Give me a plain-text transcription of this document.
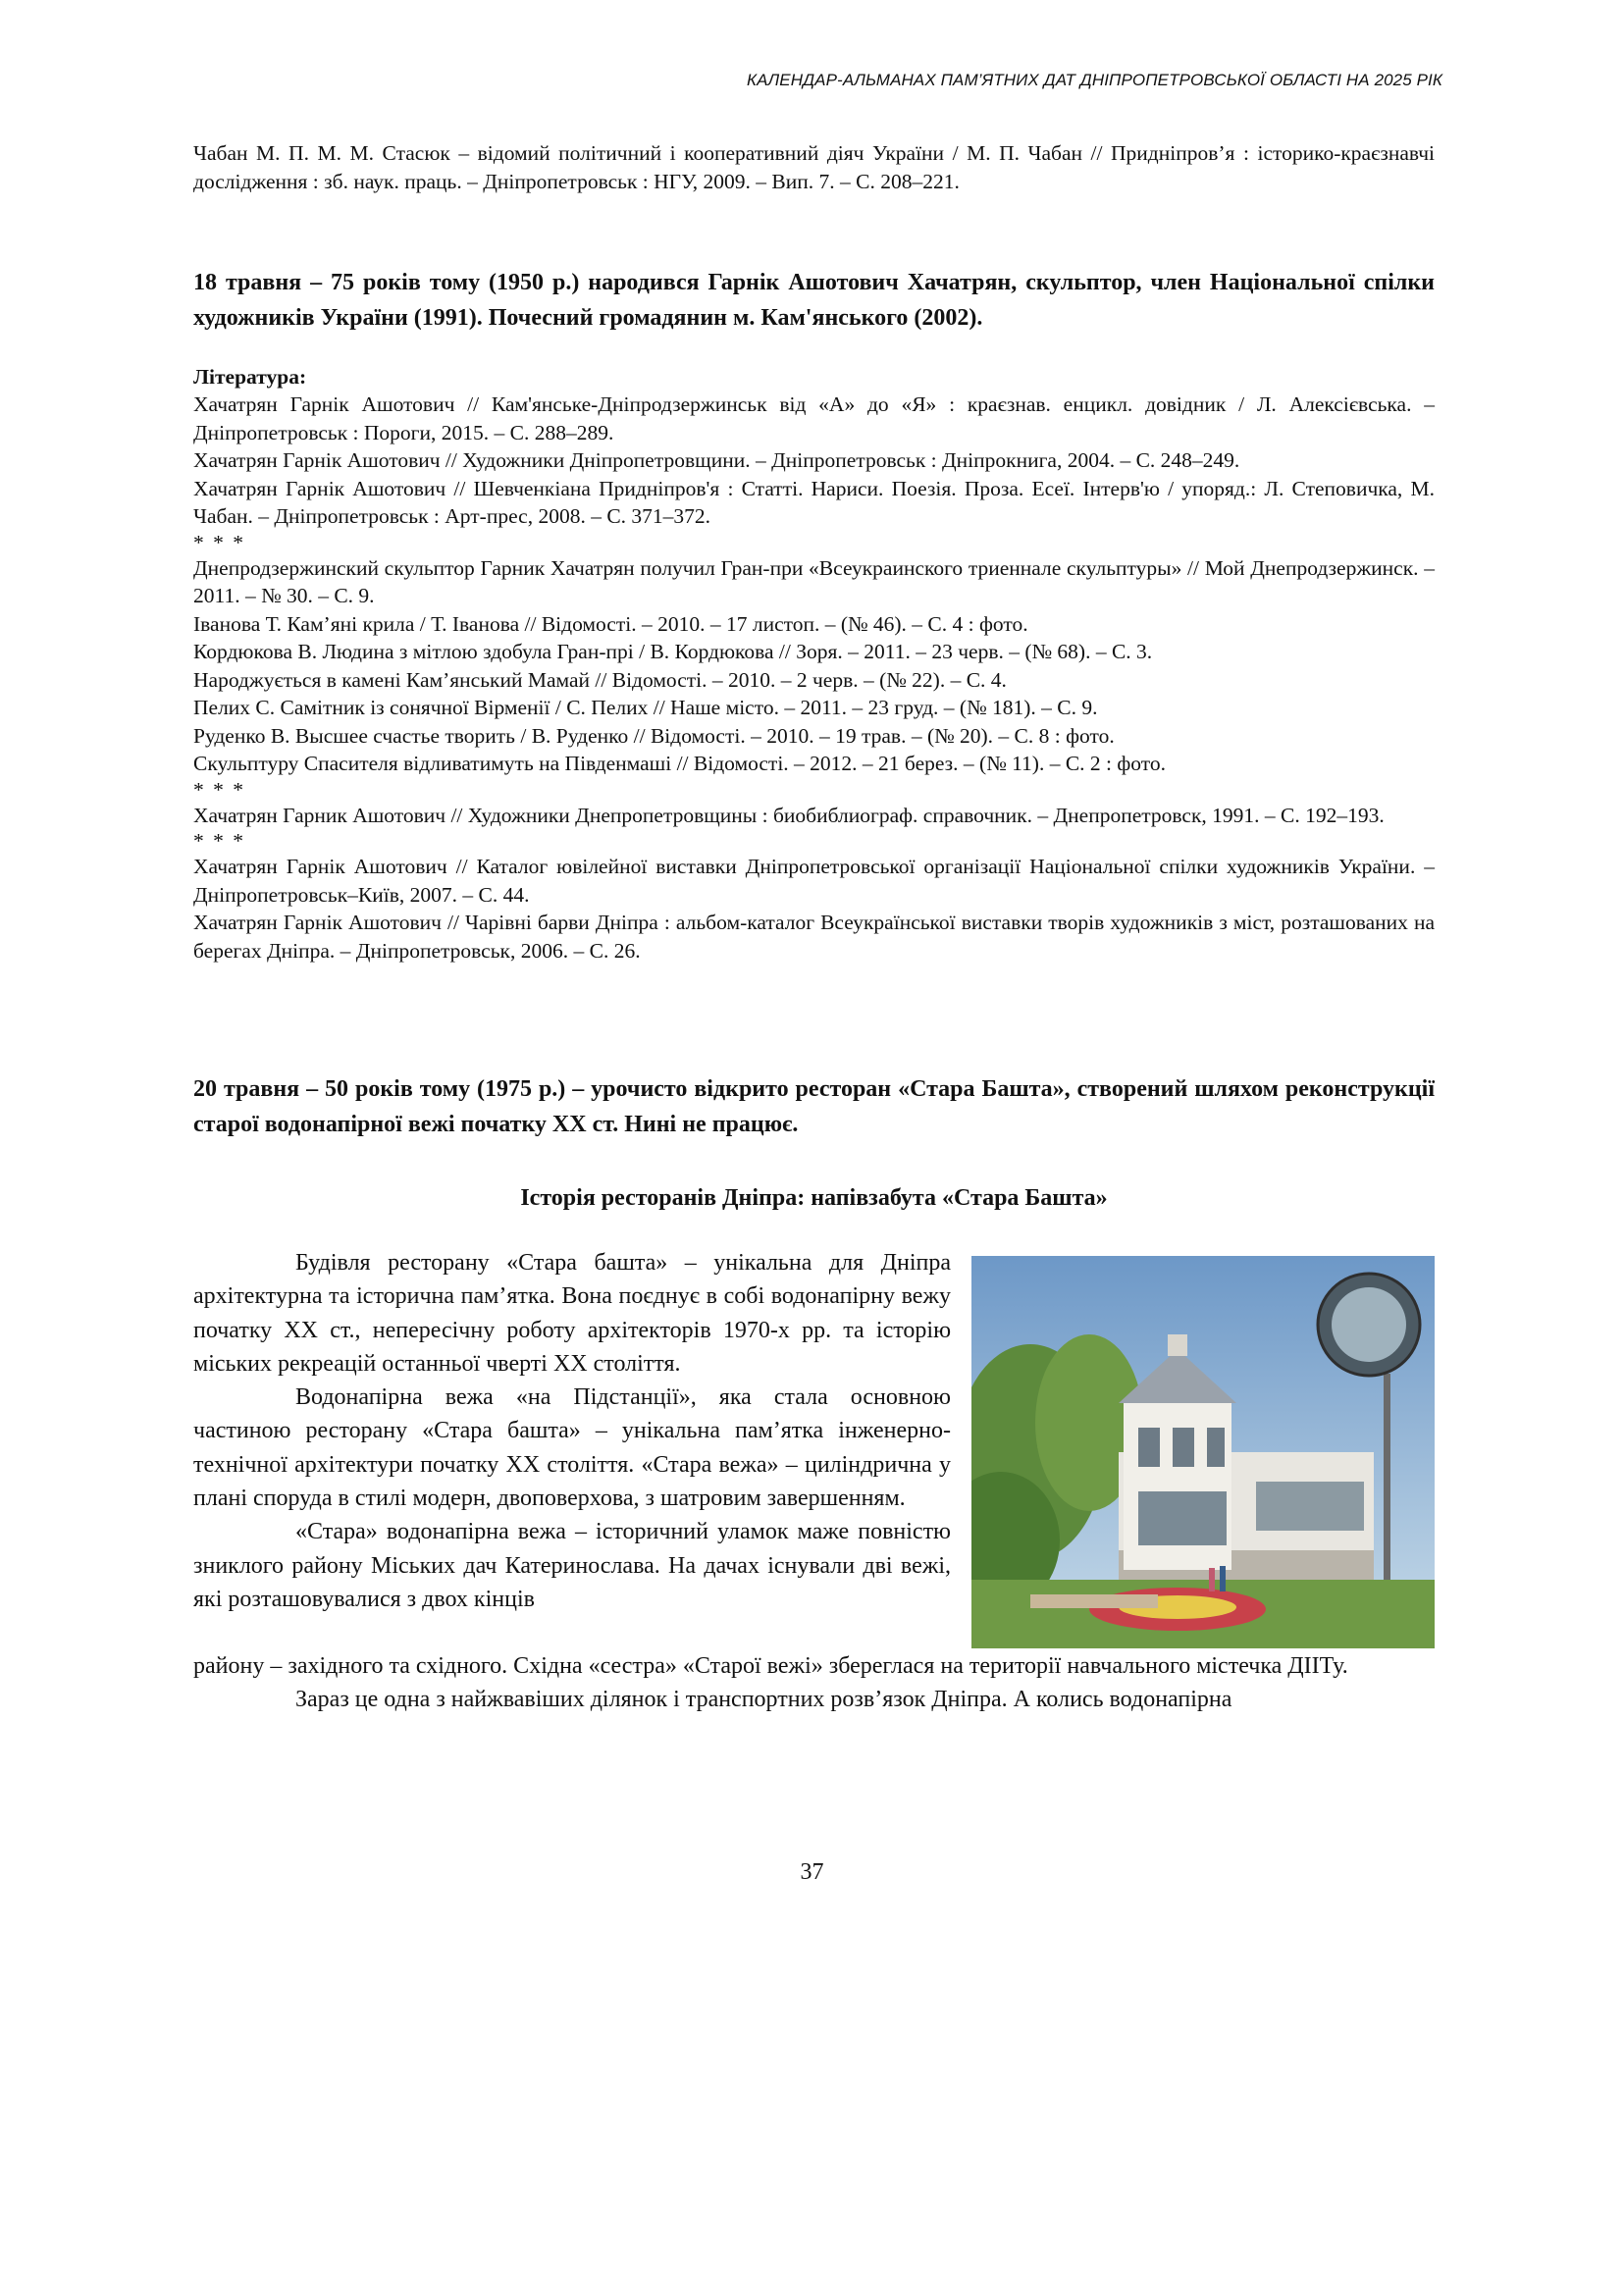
КАЛЕНДАР-АЛЬМАНАХ ПАМ’ЯТНИХ ДАТ ДНІПРОПЕТРОВСЬКОЇ ОБЛАСТІ НА 2025 РІК

Чабан М. П. М. М. Стасюк – відомий політичний і кооперативний діяч України / М. П. Чабан // Придніпров’я : історико-краєзнавчі дослідження : зб. наук. праць. – Дніпропетровськ : НГУ, 2009. – Вип. 7. – С. 208–221.

18 травня – 75 років тому (1950 р.) народився Гарнік Ашотович Хачатрян, скульптор, член Національної спілки художників України (1991). Почесний громадянин м. Кам'янського (2002).

Література:

Хачатрян Гарнік Ашотович // Кам'янське-Дніпродзержинськ від «А» до «Я» : краєзнав. енцикл. довідник / Л. Алексієвська. – Дніпропетровськ : Пороги, 2015. – С. 288–289.

Хачатрян Гарнік Ашотович // Художники Дніпропетровщини. – Дніпропетровськ : Дніпрокнига, 2004. – С. 248–249.

Хачатрян Гарнік Ашотович // Шевченкіана Придніпров'я : Статті. Нариси. Поезія. Проза. Есеї. Інтерв'ю / упоряд.: Л. Степовичка, М. Чабан. – Дніпропетровськ : Арт-прес, 2008. – С. 371–372.

* * *

Днепродзержинский скульптор Гарник Хачатрян получил Гран-при «Всеукраинского триеннале скульптуры» // Мой Днепродзержинск. – 2011. – № 30. – С. 9.

Іванова Т. Кам’яні крила / Т. Іванова // Відомості. – 2010. – 17 листоп. – (№ 46). – С. 4 : фото.

Кордюкова В. Людина з мітлою здобула Гран-прі / В. Кордюкова // Зоря. – 2011. – 23 черв. – (№ 68). – С. 3.

Народжується в камені Кам’янський Мамай // Відомості. – 2010. – 2 черв. – (№ 22). – С. 4.

Пелих С. Самітник із сонячної Вірменії / С. Пелих // Наше місто. – 2011. – 23 груд. – (№ 181). – С. 9.

Руденко В. Высшее счастье творить / В. Руденко // Відомості. – 2010. – 19 трав. – (№ 20). – С. 8 : фото.

Скульптуру Спасителя відливатимуть на Південмаші // Відомості. – 2012. – 21 берез. – (№ 11). – С. 2 : фото.

* * *

Хачатрян Гарник Ашотович // Художники Днепропетровщины : биобиблиограф. справочник. – Днепропетровск, 1991. – С. 192–193.

* * *

Хачатрян Гарнік Ашотович // Каталог ювілейної виставки Дніпропетровської організації Національної спілки художників України. – Дніпропетровськ–Київ, 2007. – С. 44.

Хачатрян Гарнік Ашотович // Чарівні барви Дніпра : альбом-каталог Всеукраїнської виставки творів художників з міст, розташованих на берегах Дніпра. – Дніпропетровськ, 2006. – С. 26.

20 травня – 50 років тому (1975 р.) – урочисто відкрито ресторан «Стара Башта», створений шляхом реконструкції старої водонапірної вежі початку ХХ ст. Нині не працює.

Історія ресторанів Дніпра: напівзабута «Стара Башта»

Будівля ресторану «Стара башта» – унікальна для Дніпра архітектурна та історична пам’ятка. Вона поєднує в собі водонапірну вежу початку ХХ ст., непересічну роботу архітекторів 1970-х рр. та історію міських рекреацій останньої чверті ХХ століття.

Водонапірна вежа «на Підстанції», яка стала основною частиною ресторану «Стара башта» – унікальна пам’ятка інженерно-технічної архітектури початку ХХ століття. «Стара вежа» – циліндрична у плані споруда в стилі модерн, двоповерхова, з шатровим завершенням.

«Стара» водонапірна вежа – історичний уламок маже повністю зниклого району Міських дач Катеринослава. На дачах існували дві вежі, які розташовувалися з двох кінців

району – західного та східного. Східна «сестра» «Старої вежі» збереглася на території навчального містечка ДІІТу.

Зараз це одна з найжвавіших ділянок і транспортних розв’язок Дніпра. А колись водонапірна

37
